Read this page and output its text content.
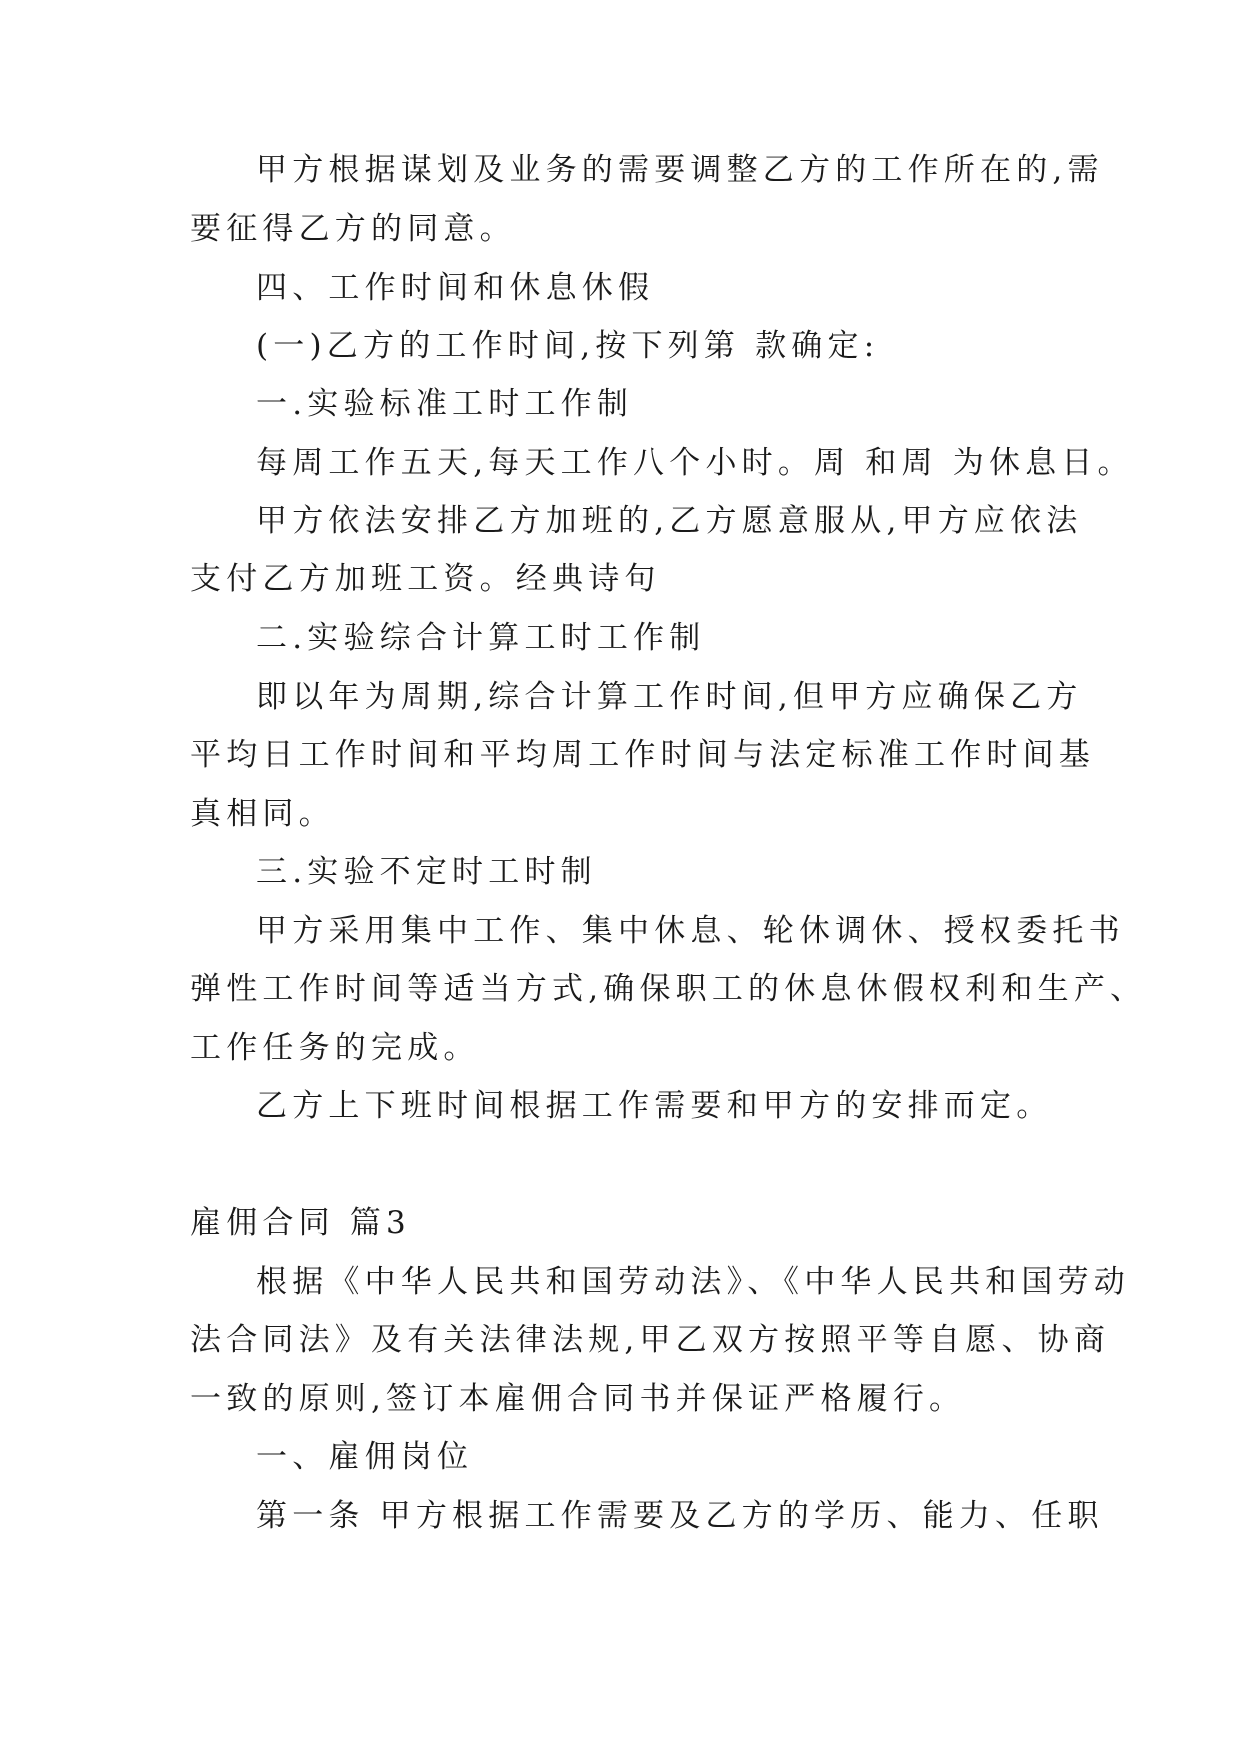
甲方根据谋划及业务的需要调整乙方的工作所在的,需
要征得乙方的同意。
四、工作时间和休息休假
(一)乙方的工作时间,按下列第 款确定:
一.实验标准工时工作制
每周工作五天,每天工作八个小时。周 和周 为休息日。
甲方依法安排乙方加班的,乙方愿意服从,甲方应依法
支付乙方加班工资。经典诗句
二.实验综合计算工时工作制
即以年为周期,综合计算工作时间,但甲方应确保乙方
平均日工作时间和平均周工作时间与法定标准工作时间基
真相同。
三.实验不定时工时制
甲方采用集中工作、集中休息、轮休调休、授权委托书
弹性工作时间等适当方式,确保职工的休息休假权利和生产、
工作任务的完成。
乙方上下班时间根据工作需要和甲方的安排而定。
雇佣合同 篇3
根据《中华人民共和国劳动法》、《中华人民共和国劳动
法合同法》及有关法律法规,甲乙双方按照平等自愿、协商
一致的原则,签订本雇佣合同书并保证严格履行。
一、雇佣岗位
第一条 甲方根据工作需要及乙方的学历、能力、任职
